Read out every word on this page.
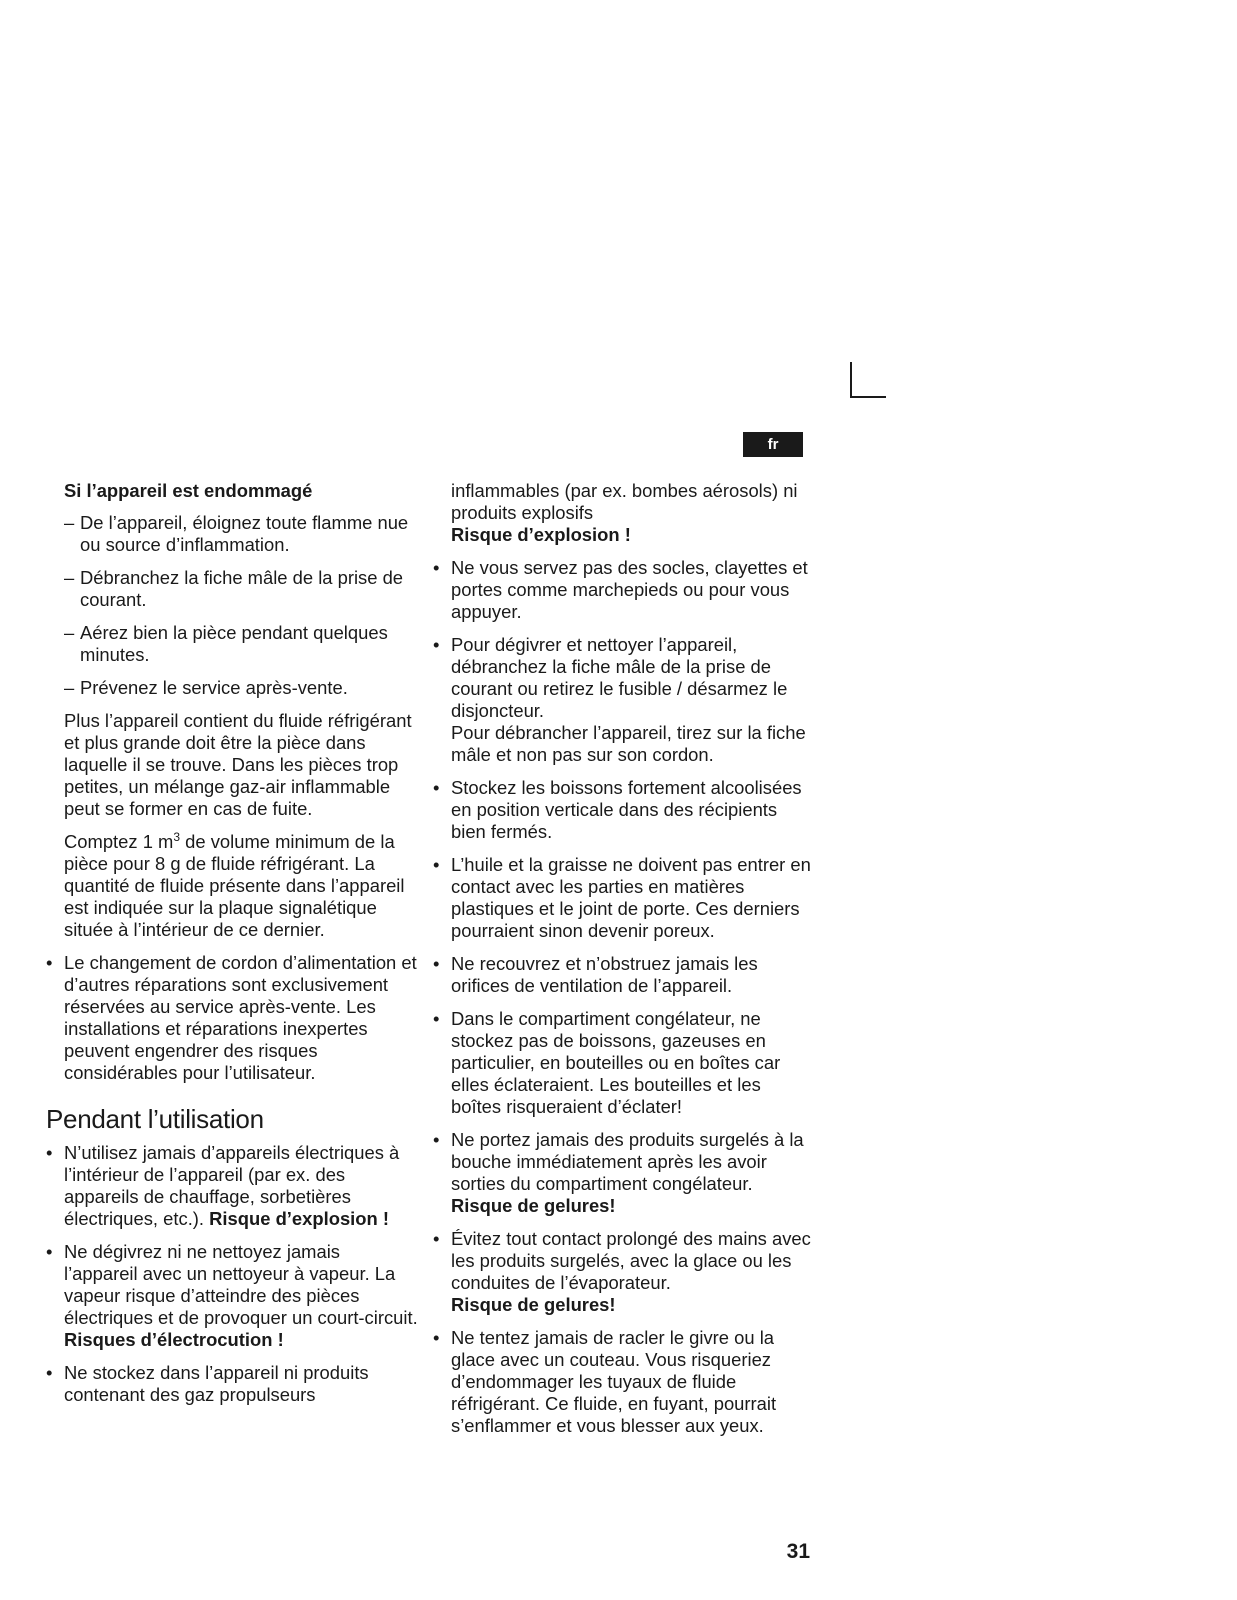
fr

Si l’appareil est endommagé

– De l’appareil, éloignez toute flamme nue ou source d’inflammation.
– Débranchez la fiche mâle de la prise de courant.
– Aérez bien la pièce pendant quelques minutes.
– Prévenez le service après-vente.

Plus l’appareil contient du fluide réfrigérant et plus grande doit être la pièce dans laquelle il se trouve. Dans les pièces trop petites, un mélange gaz-air inflammable peut se former en cas de fuite.

Comptez 1 $m^3$ de volume minimum de la pièce pour 8 g de fluide réfrigérant. La quantité de fluide présente dans l’appareil est indiquée sur la plaque signalétique située à l’intérieur de ce dernier.

• Le changement de cordon d’alimentation et d’autres réparations sont exclusivement réservées au service après-vente. Les installations et réparations inexpertes peuvent engendrer des risques considérables pour l’utilisateur.
Pendant l’utilisation
• N’utilisez jamais d’appareils électriques à l’intérieur de l’appareil (par ex. des appareils de chauffage, sorbetières électriques, etc.). Risque d’explosion !
• Ne dégivrez ni ne nettoyez jamais l’appareil avec un nettoyeur à vapeur. La vapeur risque d’atteindre des pièces électriques et de provoquer un court-circuit.
Risques d’électrocution !
• Ne stockez dans l’appareil ni produits contenant des gaz propulseurs
inflammables (par ex. bombes aérosols) ni produits explosifs
Risque d’explosion !
• Ne vous servez pas des socles, clayettes et portes comme marchepieds ou pour vous appuyer.
• Pour dégivrer et nettoyer l’appareil, débranchez la fiche mâle de la prise de courant ou retirez le fusible / désarmez le disjoncteur.
Pour débrancher l’appareil, tirez sur la fiche mâle et non pas sur son cordon.
• Stockez les boissons fortement alcoolisées en position verticale dans des récipients bien fermés.
• L’huile et la graisse ne doivent pas entrer en contact avec les parties en matières plastiques et le joint de porte. Ces derniers pourraient sinon devenir poreux.
• Ne recouvrez et n’obstruez jamais les orifices de ventilation de l’appareil.
• Dans le compartiment congélateur, ne stockez pas de boissons, gazeuses en particulier, en bouteilles ou en boîtes car elles éclateraient. Les bouteilles et les boîtes risqueraient d’éclater!
• Ne portez jamais des produits surgelés à la bouche immédiatement après les avoir sorties du compartiment congélateur.
Risque de gelures!
• Évitez tout contact prolongé des mains avec les produits surgelés, avec la glace ou les conduites de l’évaporateur.
Risque de gelures!
• Ne tentez jamais de racler le givre ou la glace avec un couteau. Vous risqueriez d’endommager les tuyaux de fluide réfrigérant. Ce fluide, en fuyant, pourrait s’enflammer et vous blesser aux yeux.
31
